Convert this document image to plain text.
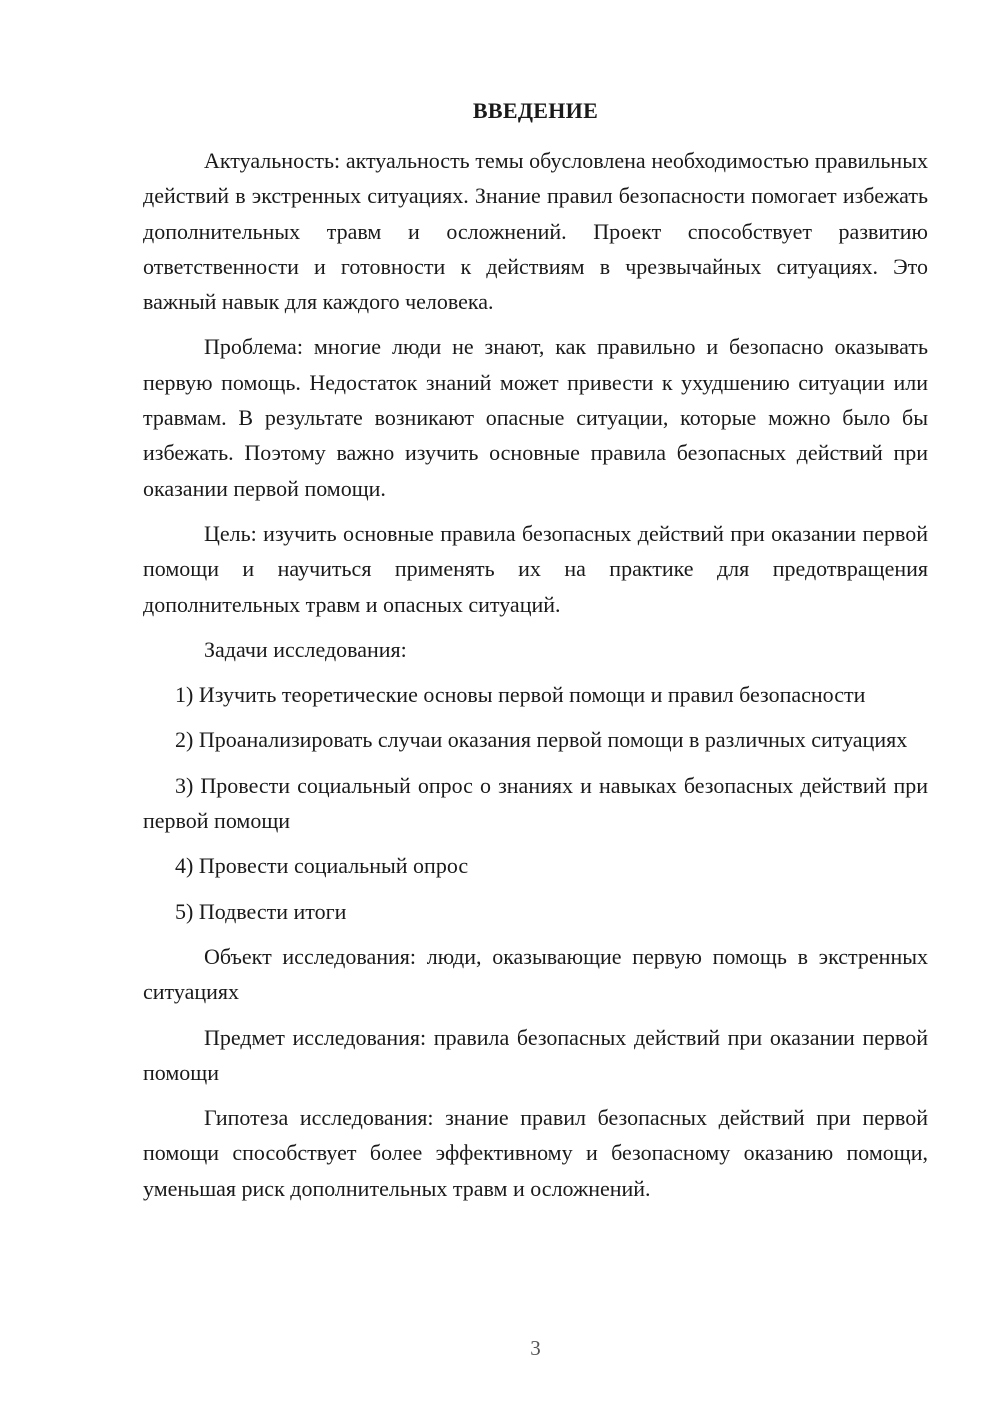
ВВЕДЕНИЕ

Актуальность: актуальность темы обусловлена необходимостью правильных действий в экстренных ситуациях. Знание правил безопасности помогает избежать дополнительных травм и осложнений. Проект способствует развитию ответственности и готовности к действиям в чрезвычайных ситуациях. Это важный навык для каждого человека.

Проблема: многие люди не знают, как правильно и безопасно оказывать первую помощь. Недостаток знаний может привести к ухудшению ситуации или травмам. В результате возникают опасные ситуации, которые можно было бы избежать. Поэтому важно изучить основные правила безопасных действий при оказании первой помощи.

Цель: изучить основные правила безопасных действий при оказании первой помощи и научиться применять их на практике для предотвращения дополнительных травм и опасных ситуаций.

Задачи исследования:

1) Изучить теоретические основы первой помощи и правил безопасности

2) Проанализировать случаи оказания первой помощи в различных ситуациях

3) Провести социальный опрос о знаниях и навыках безопасных действий при первой помощи

4) Провести социальный опрос

5) Подвести итоги

Объект исследования: люди, оказывающие первую помощь в экстренных ситуациях

Предмет исследования: правила безопасных действий при оказании первой помощи

Гипотеза исследования: знание правил безопасных действий при первой помощи способствует более эффективному и безопасному оказанию помощи, уменьшая риск дополнительных травм и осложнений.

3
